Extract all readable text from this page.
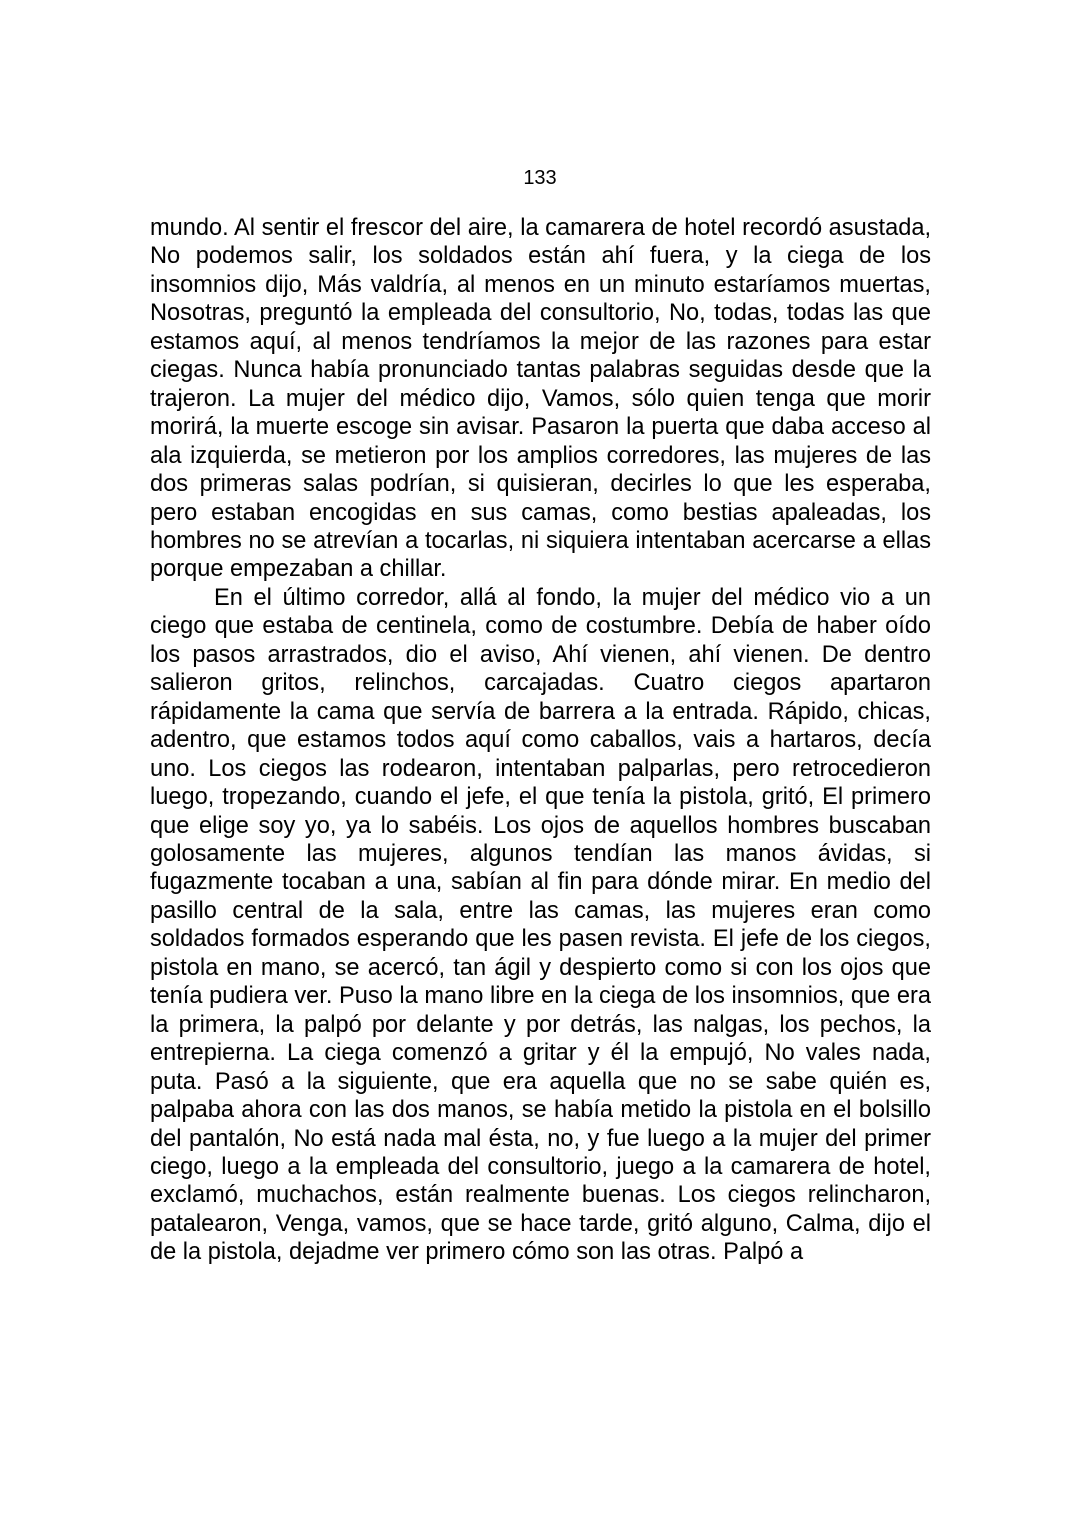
133

mundo. Al sentir el frescor del aire, la camarera de hotel recordó asustada, No podemos salir, los soldados están ahí fuera, y la ciega de los insomnios dijo, Más valdría, al menos en un minuto estaríamos muertas, Nosotras, preguntó la empleada del consultorio, No, todas, todas las que estamos aquí, al menos tendríamos la mejor de las razones para estar ciegas. Nunca había pronunciado tantas palabras seguidas desde que la trajeron. La mujer del médico dijo, Vamos, sólo quien tenga que morir morirá, la muerte escoge sin avisar. Pasaron la puerta que daba acceso al ala izquierda, se metieron por los amplios corredores, las mujeres de las dos primeras salas podrían, si quisieran, decirles lo que les esperaba, pero estaban encogidas en sus camas, como bestias apaleadas, los hombres no se atrevían a tocarlas, ni siquiera intentaban acercarse a ellas porque empezaban a chillar.

En el último corredor, allá al fondo, la mujer del médico vio a un ciego que estaba de centinela, como de costumbre. Debía de haber oído los pasos arrastrados, dio el aviso, Ahí vienen, ahí vienen. De dentro salieron gritos, relinchos, carcajadas. Cuatro ciegos apartaron rápidamente la cama que servía de barrera a la entrada. Rápido, chicas, adentro, que estamos todos aquí como caballos, vais a hartaros, decía uno. Los ciegos las rodearon, intentaban palparlas, pero retrocedieron luego, tropezando, cuando el jefe, el que tenía la pistola, gritó, El primero que elige soy yo, ya lo sabéis. Los ojos de aquellos hombres buscaban golosamente las mujeres, algunos tendían las manos ávidas, si fugazmente tocaban a una, sabían al fin para dónde mirar. En medio del pasillo central de la sala, entre las camas, las mujeres eran como soldados formados esperando que les pasen revista. El jefe de los ciegos, pistola en mano, se acercó, tan ágil y despierto como si con los ojos que tenía pudiera ver. Puso la mano libre en la ciega de los insomnios, que era la primera, la palpó por delante y por detrás, las nalgas, los pechos, la entrepierna. La ciega comenzó a gritar y él la empujó, No vales nada, puta. Pasó a la siguiente, que era aquella que no se sabe quién es, palpaba ahora con las dos manos, se había metido la pistola en el bolsillo del pantalón, No está nada mal ésta, no, y fue luego a la mujer del primer ciego, luego a la empleada del consultorio, juego a la camarera de hotel, exclamó, muchachos, están realmente buenas. Los ciegos relincharon, patalearon, Venga, vamos, que se hace tarde, gritó alguno, Calma, dijo el de la pistola, dejadme ver primero cómo son las otras. Palpó a
